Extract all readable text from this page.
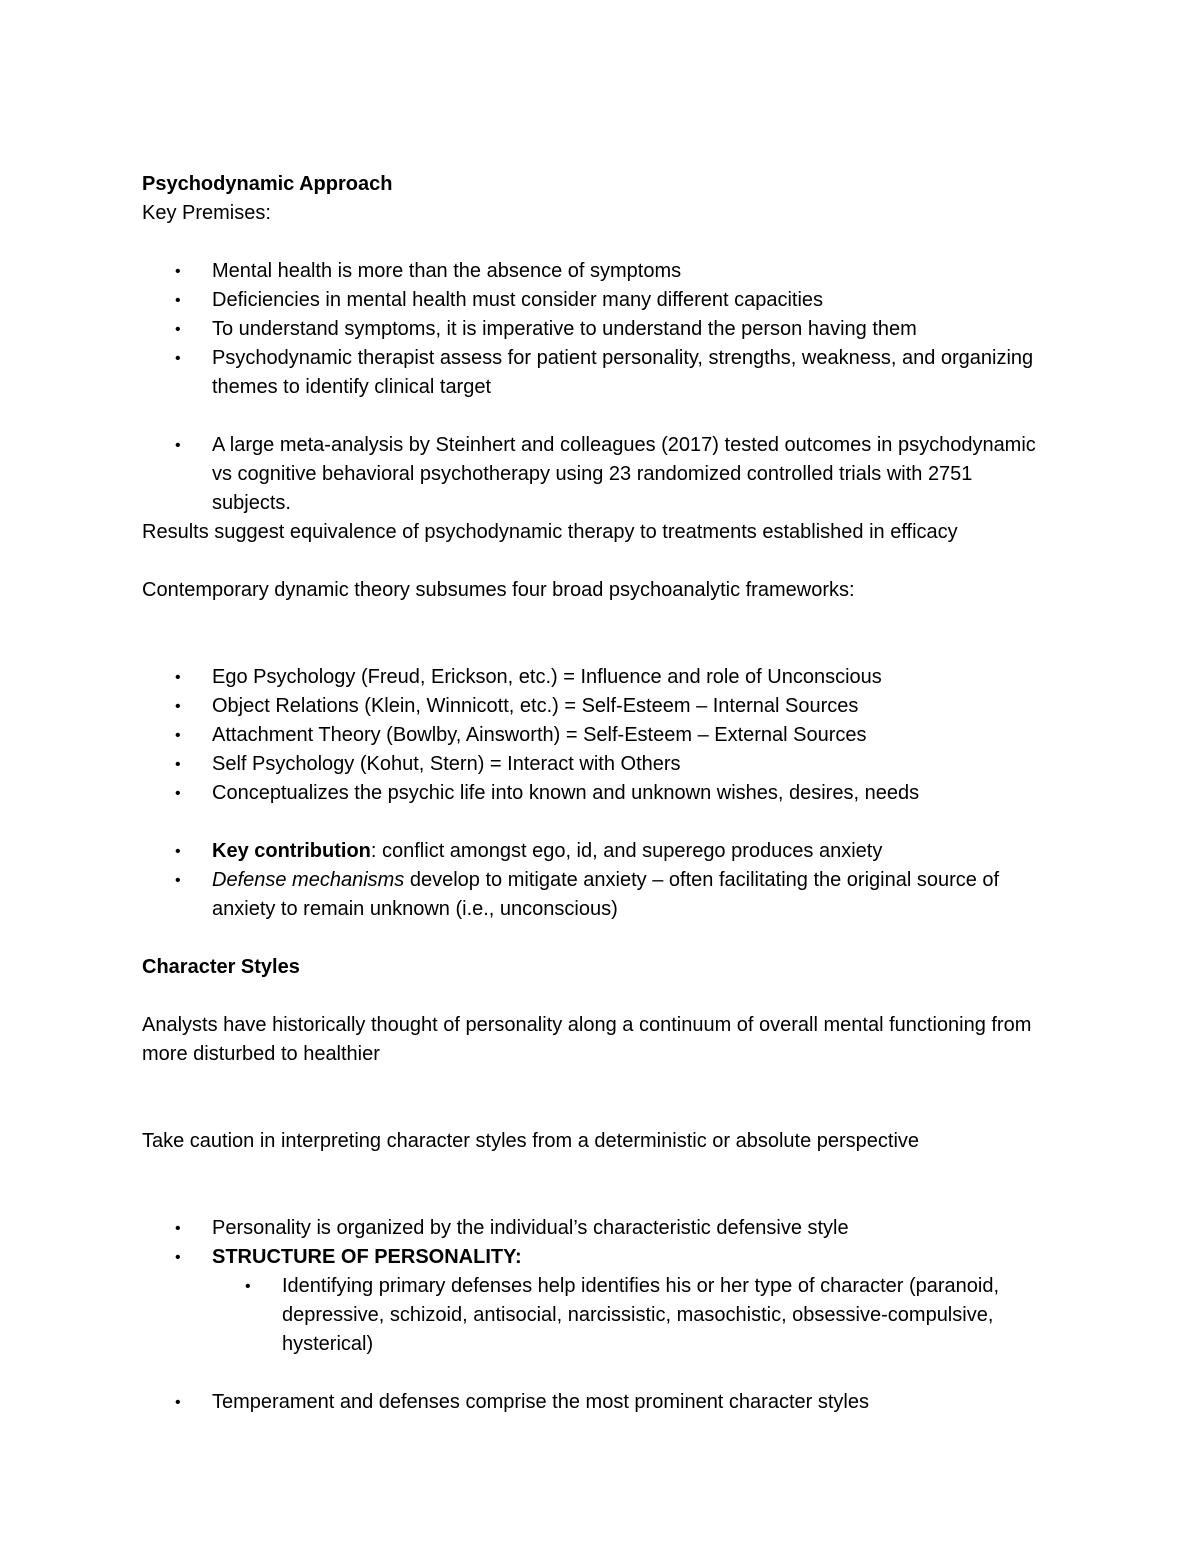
Psychodynamic Approach

Key Premises:

• Mental health is more than the absence of symptoms
• Deficiencies in mental health must consider many different capacities
• To understand symptoms, it is imperative to understand the person having them
• Psychodynamic therapist assess for patient personality, strengths, weakness, and organizing themes to identify clinical target
• A large meta-analysis by Steinhert and colleagues (2017) tested outcomes in psychodynamic vs cognitive behavioral psychotherapy using 23 randomized controlled trials with 2751 subjects.

Results suggest equivalence of psychodynamic therapy to treatments established in efficacy

Contemporary dynamic theory subsumes four broad psychoanalytic frameworks:

• Ego Psychology (Freud, Erickson, etc.) = Influence and role of Unconscious
• Object Relations (Klein, Winnicott, etc.) = Self-Esteem – Internal Sources
• Attachment Theory (Bowlby, Ainsworth) = Self-Esteem – External Sources
• Self Psychology (Kohut, Stern) = Interact with Others
• Conceptualizes the psychic life into known and unknown wishes, desires, needs
• Key contribution: conflict amongst ego, id, and superego produces anxiety
• Defense mechanisms develop to mitigate anxiety – often facilitating the original source of anxiety to remain unknown (i.e., unconscious)

Character Styles

Analysts have historically thought of personality along a continuum of overall mental functioning from more disturbed to healthier

Take caution in interpreting character styles from a deterministic or absolute perspective

• Personality is organized by the individual’s characteristic defensive style
• STRUCTURE OF PERSONALITY:
• Identifying primary defenses help identifies his or her type of character (paranoid, depressive, schizoid, antisocial, narcissistic, masochistic, obsessive-compulsive, hysterical)
• Temperament and defenses comprise the most prominent character styles
